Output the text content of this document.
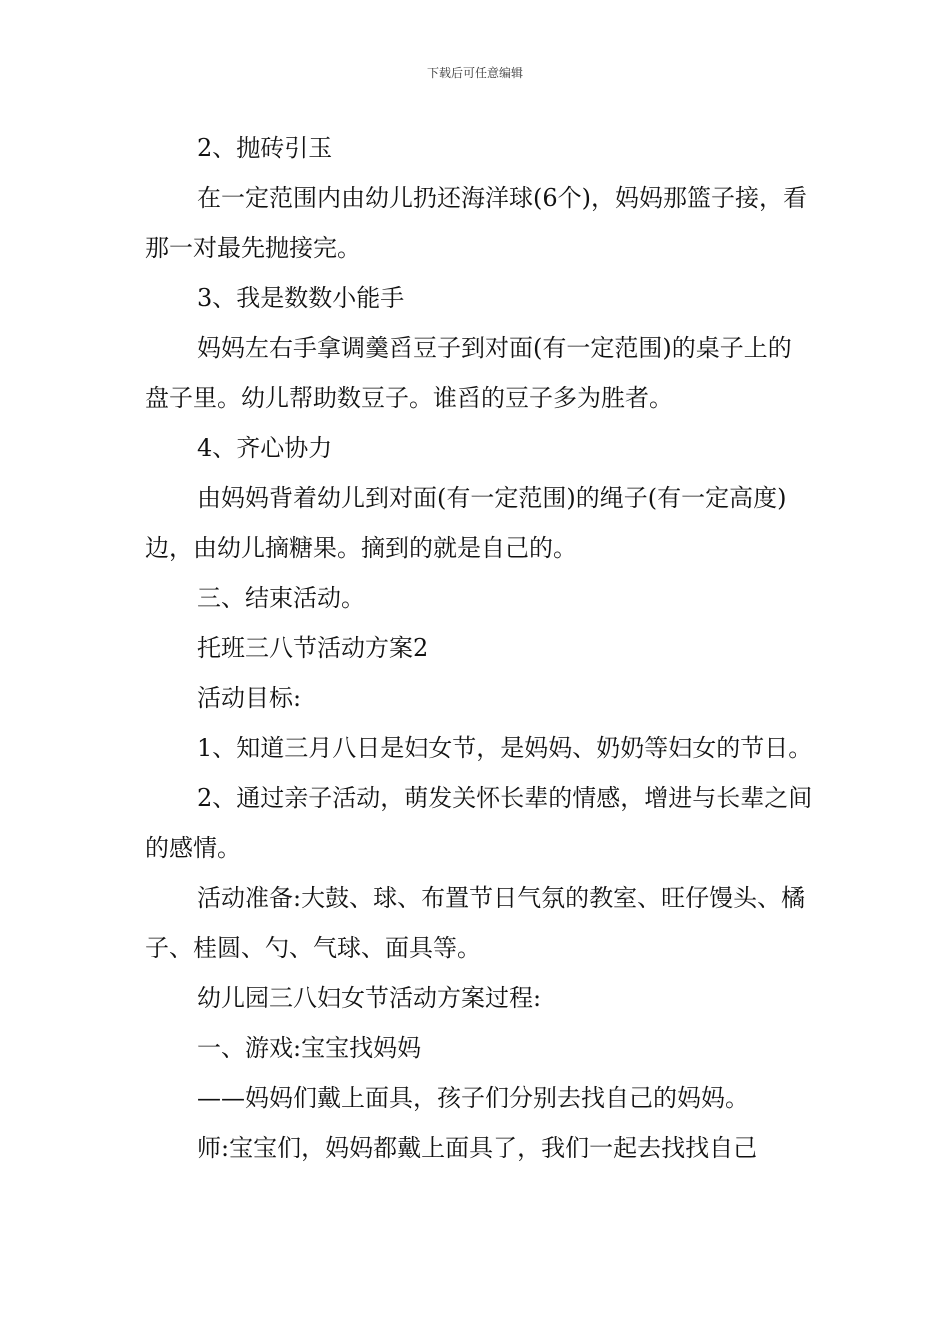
下载后可任意编辑

2、抛砖引玉

在一定范围内由幼儿扔还海洋球(6个)，妈妈那篮子接，看那一对最先抛接完。

3、我是数数小能手

妈妈左右手拿调羹舀豆子到对面(有一定范围)的桌子上的盘子里。幼儿帮助数豆子。谁舀的豆子多为胜者。

4、齐心协力

由妈妈背着幼儿到对面(有一定范围)的绳子(有一定高度)边，由幼儿摘糖果。摘到的就是自己的。

三、结束活动。

托班三八节活动方案2

活动目标:

1、知道三月八日是妇女节，是妈妈、奶奶等妇女的节日。

2、通过亲子活动，萌发关怀长辈的情感，增进与长辈之间的感情。

活动准备:大鼓、球、布置节日气氛的教室、旺仔馒头、橘子、桂圆、勺、气球、面具等。

幼儿园三八妇女节活动方案过程:

一、游戏:宝宝找妈妈

——妈妈们戴上面具，孩子们分别去找自己的妈妈。

师:宝宝们，妈妈都戴上面具了，我们一起去找找自己
